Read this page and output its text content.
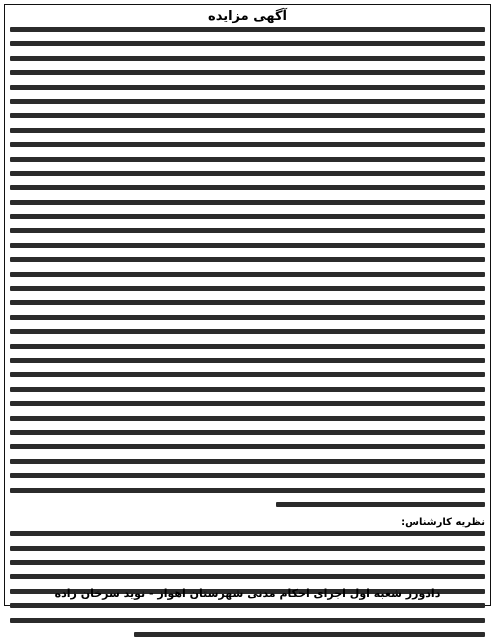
آگهی مزایده
نظریه کارشناس:
دادورز شعبه اول اجرای احکام مدنی شهرستان اهواز - نوید سرخان زاده
